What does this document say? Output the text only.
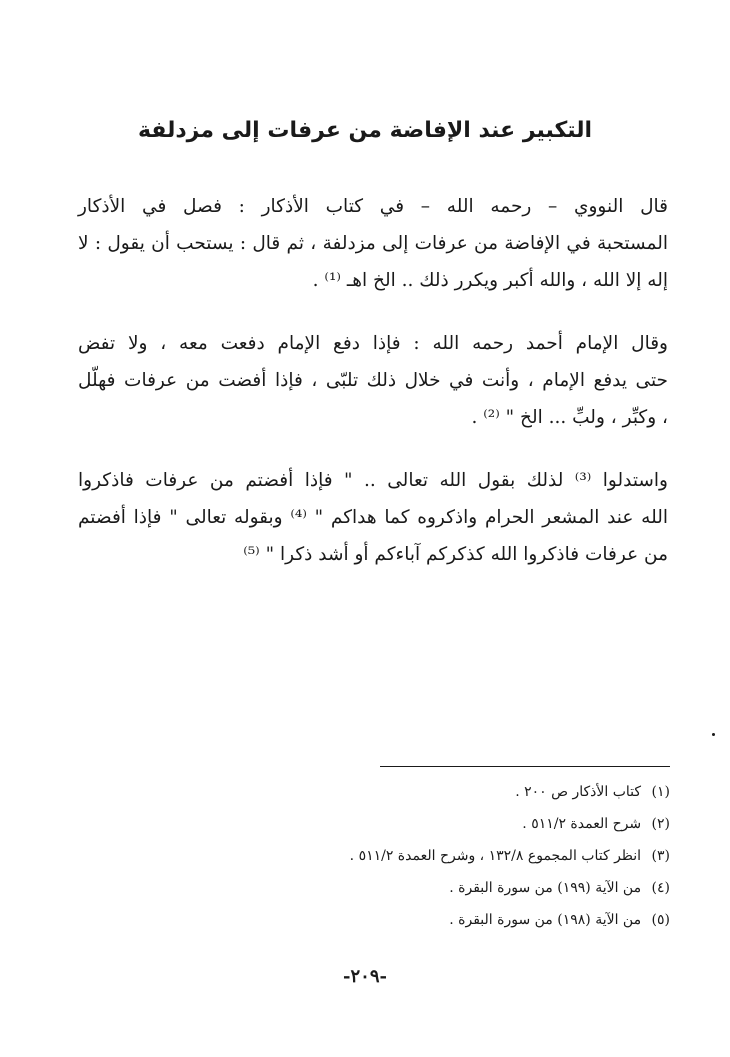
التكبير عند الإفاضة من عرفات إلى مزدلفة

قال النووي – رحمه الله – في كتاب الأذكار : فصل في الأذكار
المستحبة في الإفاضة من عرفات إلى مزدلفة ، ثم قال : يستحب أن يقول : لا
إله إلا الله ، والله أكبر ويكرر ذلك .. الخ اهـ ⁽¹⁾ .

وقال الإمام أحمد رحمه الله : فإذا دفع الإمام دفعت معه ، ولا تفض
حتى يدفع الإمام ، وأنت في خلال ذلك تلبّى ، فإذا أفضت من عرفات فهلّل
، وكبِّر ، ولبِّ ... الخ " ⁽²⁾ .

واستدلوا ⁽³⁾ لذلك بقول الله تعالى .. " فإذا أفضتم من عرفات فاذكروا
الله عند المشعر الحرام واذكروه كما هداكم " ⁽⁴⁾ وبقوله تعالى " فإذا أفضتم
من عرفات فاذكروا الله كذكركم آباءكم أو أشد ذكرا " ⁽⁵⁾

(١) كتاب الأذكار ص ٢٠٠ .
(٢) شرح العمدة ٥١١/٢ .
(٣) انظر كتاب المجموع ١٣٢/٨ ، وشرح العمدة ٥١١/٢ .
(٤) من الآية (١٩٩) من سورة البقرة .
(٥) من الآية (١٩٨) من سورة البقرة .
-٢٠٩-
